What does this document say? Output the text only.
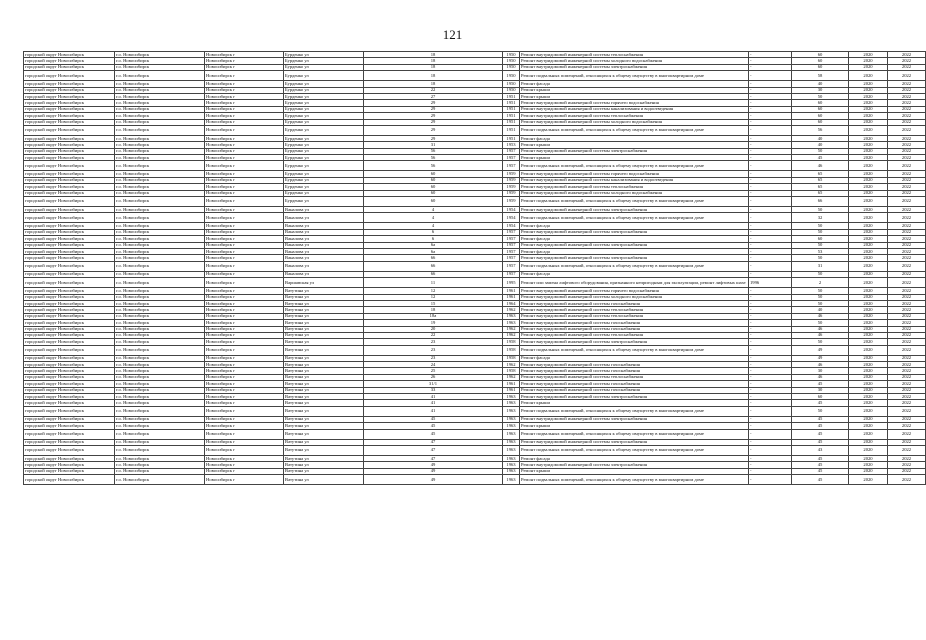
121
городской округ Новосибирск	г.о. Новосибирск	Новосибирск г	Бурденко ул	18	1950	Ремонт внутридомовой инженерной системы теплоснабжения	-	60	2020	2022
городской округ Новосибирск	г.о. Новосибирск	Новосибирск г	Бурденко ул	18	1950	Ремонт внутридомовой инженерной системы холодного водоснабжения	-	60	2020	2022
городской округ Новосибирск	г.о. Новосибирск	Новосибирск г	Бурденко ул	18	1950	Ремонт внутридомовой инженерной системы электроснабжения	-	60	2020	2022
городской округ Новосибирск	г.о. Новосибирск	Новосибирск г	Бурденко ул	18	1950	Ремонт подвальных помещений, относящихся к общему имуществу в многоквартирном доме	-	58	2020	2022
городской округ Новосибирск	г.о. Новосибирск	Новосибирск г	Бурденко ул	18	1950	Ремонт фасада	-	40	2020	2022
городской округ Новосибирск	г.о. Новосибирск	Новосибирск г	Бурденко ул	22	1950	Ремонт крыши	-	30	2020	2022
городской округ Новосибирск	г.о. Новосибирск	Новосибирск г	Бурденко ул	27	1951	Ремонт крыши	-	50	2020	2022
городской округ Новосибирск	г.о. Новосибирск	Новосибирск г	Бурденко ул	29	1951	Ремонт внутридомовой инженерной системы горячего водоснабжения	-	60	2020	2022
городской округ Новосибирск	г.о. Новосибирск	Новосибирск г	Бурденко ул	29	1951	Ремонт внутридомовой инженерной системы канализования и водоотведения	-	60	2020	2022
городской округ Новосибирск	г.о. Новосибирск	Новосибирск г	Бурденко ул	29	1951	Ремонт внутридомовой инженерной системы теплоснабжения	-	60	2020	2022
городской округ Новосибирск	г.о. Новосибирск	Новосибирск г	Бурденко ул	29	1951	Ремонт внутридомовой инженерной системы холодного водоснабжения	-	60	2020	2022
городской округ Новосибирск	г.о. Новосибирск	Новосибирск г	Бурденко ул	29	1951	Ремонт подвальных помещений, относящихся к общему имуществу в многоквартирном доме	-	56	2020	2022
городской округ Новосибирск	г.о. Новосибирск	Новосибирск г	Бурденко ул	29	1951	Ремонт фасада	-	40	2020	2022
городской округ Новосибирск	г.о. Новосибирск	Новосибирск г	Бурденко ул	31	1953	Ремонт крыши	-	40	2020	2022
городской округ Новосибирск	г.о. Новосибирск	Новосибирск г	Бурденко ул	56	1957	Ремонт внутридомовой инженерной системы электроснабжения	-	50	2020	2022
городской округ Новосибирск	г.о. Новосибирск	Новосибирск г	Бурденко ул	56	1957	Ремонт крыши	-	45	2020	2022
городской округ Новосибирск	г.о. Новосибирск	Новосибирск г	Бурденко ул	56	1957	Ремонт подвальных помещений, относящихся к общему имуществу в многоквартирном доме	-	46	2020	2022
городской округ Новосибирск	г.о. Новосибирск	Новосибирск г	Бурденко ул	60	1959	Ремонт внутридомовой инженерной системы горячего водоснабжения	-	65	2020	2022
городской округ Новосибирск	г.о. Новосибирск	Новосибирск г	Бурденко ул	60	1959	Ремонт внутридомовой инженерной системы канализования и водоотведения	-	65	2020	2022
городской округ Новосибирск	г.о. Новосибирск	Новосибирск г	Бурденко ул	60	1959	Ремонт внутридомовой инженерной системы теплоснабжения	-	65	2020	2022
городской округ Новосибирск	г.о. Новосибирск	Новосибирск г	Бурденко ул	60	1959	Ремонт внутридомовой инженерной системы холодного водоснабжения	-	65	2020	2022
городской округ Новосибирск	г.о. Новосибирск	Новосибирск г	Бурденко ул	60	1959	Ремонт подвальных помещений, относящихся к общему имуществу в многоквартирном доме	-	66	2020	2022
городской округ Новосибирск	г.о. Новосибирск	Новосибирск г	Ваналова ул	4	1954	Ремонт внутридомовой инженерной системы электроснабжения	-	50	2020	2022
городской округ Новосибирск	г.о. Новосибирск	Новосибирск г	Ваналова ул	4	1954	Ремонт подвальных помещений, относящихся к общему имуществу в многоквартирном доме	-	32	2020	2022
городской округ Новосибирск	г.о. Новосибирск	Новосибирск г	Ваналова ул	4	1954	Ремонт фасада	-	50	2020	2022
городской округ Новосибирск	г.о. Новосибирск	Новосибирск г	Ваналова ул	6	1957	Ремонт внутридомовой инженерной системы электроснабжения	-	50	2020	2022
городской округ Новосибирск	г.о. Новосибирск	Новосибирск г	Ваналова ул	6	1957	Ремонт фасада	-	60	2020	2022
городской округ Новосибирск	г.о. Новосибирск	Новосибирск г	Ваналова ул	6а	1957	Ремонт внутридомовой инженерной системы электроснабжения	-	50	2020	2022
городской округ Новосибирск	г.о. Новосибирск	Новосибирск г	Ваналова ул	6а	1957	Ремонт фасада	-	53	2020	2022
городской округ Новосибирск	г.о. Новосибирск	Новосибирск г	Ваналова ул	66	1957	Ремонт внутридомовой инженерной системы электроснабжения	-	50	2020	2022
городской округ Новосибирск	г.о. Новосибирск	Новосибирск г	Ваналова ул	66	1957	Ремонт подвальных помещений, относящихся к общему имуществу в многоквартирном доме	-	31	2020	2022
городской округ Новосибирск	г.о. Новосибирск	Новосибирск г	Ваналова ул	66	1957	Ремонт фасада	-	50	2020	2022
городской округ Новосибирск	г.о. Новосибирск	Новосибирск г	Варшавская ул	11	1995	Ремонт или замена лифтового оборудования, признанного непригодным для эксплуатации, ремонт лифтовых шахт	1996	2	2020	2022
городской округ Новосибирск	г.о. Новосибирск	Новосибирск г	Ватутина ул	12	1961	Ремонт внутридомовой инженерной системы горячего водоснабжения	-	50	2020	2022
городской округ Новосибирск	г.о. Новосибирск	Новосибирск г	Ватутина ул	12	1961	Ремонт внутридомовой инженерной системы холодного водоснабжения	-	50	2020	2022
городской округ Новосибирск	г.о. Новосибирск	Новосибирск г	Ватутина ул	15	1964	Ремонт внутридомовой инженерной системы газоснабжения	-	50	2020	2022
городской округ Новосибирск	г.о. Новосибирск	Новосибирск г	Ватутина ул	18	1962	Ремонт внутридомовой инженерной системы теплоснабжения	-	40	2020	2022
городской округ Новосибирск	г.о. Новосибирск	Новосибирск г	Ватутина ул	18а	1963	Ремонт внутридомовой инженерной системы теплоснабжения	-	46	2020	2022
городской округ Новосибирск	г.о. Новосибирск	Новосибирск г	Ватутина ул	19	1963	Ремонт внутридомовой инженерной системы газоснабжения	-	50	2020	2022
городской округ Новосибирск	г.о. Новосибирск	Новосибирск г	Ватутина ул	20	1962	Ремонт внутридомовой инженерной системы газоснабжения	-	46	2020	2022
городской округ Новосибирск	г.о. Новосибирск	Новосибирск г	Ватутина ул	22	1962	Ремонт внутридомовой инженерной системы теплоснабжения	-	46	2020	2022
городской округ Новосибирск	г.о. Новосибирск	Новосибирск г	Ватутина ул	23	1958	Ремонт внутридомовой инженерной системы электроснабжения	-	50	2020	2022
городской округ Новосибирск	г.о. Новосибирск	Новосибирск г	Ватутина ул	23	1958	Ремонт подвальных помещений, относящихся к общему имуществу в многоквартирном доме	-	49	2020	2022
городской округ Новосибирск	г.о. Новосибирск	Новосибирск г	Ватутина ул	23	1958	Ремонт фасада	-	49	2020	2022
городской округ Новосибирск	г.о. Новосибирск	Новосибирск г	Ватутина ул	24	1962	Ремонт внутридомовой инженерной системы газоснабжения	-	46	2020	2022
городской округ Новосибирск	г.о. Новосибирск	Новосибирск г	Ватутина ул	25	1958	Ремонт внутридомовой инженерной системы газоснабжения	-	30	2020	2022
городской округ Новосибирск	г.о. Новосибирск	Новосибирск г	Ватутина ул	26	1962	Ремонт внутридомовой инженерной системы теплоснабжения	-	46	2020	2022
городской округ Новосибирск	г.о. Новосибирск	Новосибирск г	Ватутина ул	31/1	1961	Ремонт внутридомовой инженерной системы газоснабжения	-	45	2020	2022
городской округ Новосибирск	г.о. Новосибирск	Новосибирск г	Ватутина ул	33	1961	Ремонт внутридомовой инженерной системы газоснабжения	-	30	2020	2022
городской округ Новосибирск	г.о. Новосибирск	Новосибирск г	Ватутина ул	41	1963	Ремонт внутридомовой инженерной системы электроснабжения	-	60	2020	2022
городской округ Новосибирск	г.о. Новосибирск	Новосибирск г	Ватутина ул	41	1963	Ремонт крыши	-	45	2020	2022
городской округ Новосибирск	г.о. Новосибирск	Новосибирск г	Ватутина ул	41	1963	Ремонт подвальных помещений, относящихся к общему имуществу в многоквартирном доме	-	50	2020	2022
городской округ Новосибирск	г.о. Новосибирск	Новосибирск г	Ватутина ул	45	1963	Ремонт внутридомовой инженерной системы электроснабжения	-	45	2020	2022
городской округ Новосибирск	г.о. Новосибирск	Новосибирск г	Ватутина ул	45	1963	Ремонт крыши	-	45	2020	2022
городской округ Новосибирск	г.о. Новосибирск	Новосибирск г	Ватутина ул	45	1963	Ремонт подвальных помещений, относящихся к общему имуществу в многоквартирном доме	-	45	2020	2022
городской округ Новосибирск	г.о. Новосибирск	Новосибирск г	Ватутина ул	47	1963	Ремонт внутридомовой инженерной системы электроснабжения	-	45	2020	2022
городской округ Новосибирск	г.о. Новосибирск	Новосибирск г	Ватутина ул	47	1963	Ремонт подвальных помещений, относящихся к общему имуществу в многоквартирном доме	-	43	2020	2022
городской округ Новосибирск	г.о. Новосибирск	Новосибирск г	Ватутина ул	47	1963	Ремонт фасада	-	45	2020	2022
городской округ Новосибирск	г.о. Новосибирск	Новосибирск г	Ватутина ул	49	1963	Ремонт внутридомовой инженерной системы электроснабжения	-	45	2020	2022
городской округ Новосибирск	г.о. Новосибирск	Новосибирск г	Ватутина ул	49	1963	Ремонт крыши	-	45	2020	2022
городской округ Новосибирск	г.о. Новосибирск	Новосибирск г	Ватутина ул	49	1963	Ремонт подвальных помещений, относящихся к общему имуществу в многоквартирном доме	-	45	2020	2022
